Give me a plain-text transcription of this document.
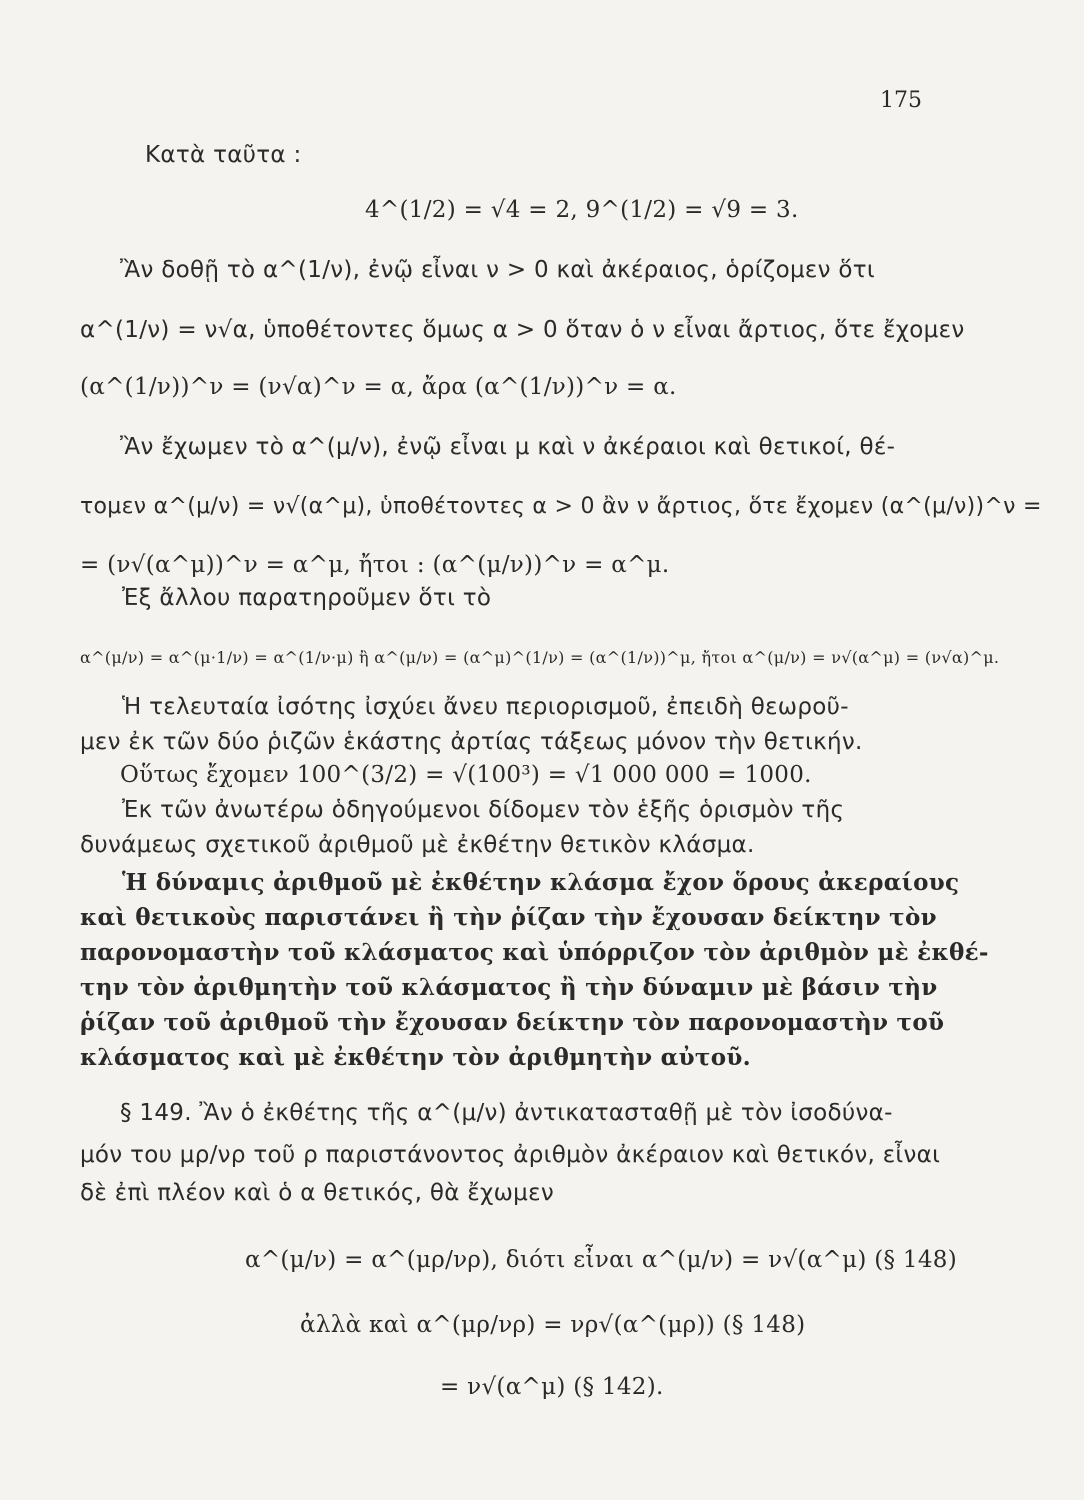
175
Κατὰ ταῦτα :
4^(1/2) = √4 = 2, 9^(1/2) = √9 = 3.
Ἂν δοθῇ τὸ α^(1/ν), ἐνῷ εἶναι ν > 0 καὶ ἀκέραιος, ὁρίζομεν ὅτι
α^(1/ν) = ν√α, ὑποθέτοντες ὅμως α > 0 ὅταν ὁ ν εἶναι ἄρτιος, ὅτε ἔχομεν
(α^(1/ν))^ν = (ν√α)^ν = α, ἄρα (α^(1/ν))^ν = α.
Ἂν ἔχωμεν τὸ α^(μ/ν), ἐνῷ εἶναι μ καὶ ν ἀκέραιοι καὶ θετικοί, θέ-
τομεν α^(μ/ν) = ν√(α^μ), ὑποθέτοντες α > 0 ἂν ν ἄρτιος, ὅτε ἔχομεν (α^(μ/ν))^ν =
= (ν√(α^μ))^ν = α^μ, ἤτοι : (α^(μ/ν))^ν = α^μ.
Ἐξ ἄλλου παρατηροῦμεν ὅτι τὸ
α^(μ/ν) = α^(μ·1/ν) = α^(1/ν·μ) ἢ α^(μ/ν) = (α^μ)^(1/ν) = (α^(1/ν))^μ, ἤτοι α^(μ/ν) = ν√(α^μ) = (ν√α)^μ.
Ἡ τελευταία ἰσότης ἰσχύει ἄνευ περιορισμοῦ, ἐπειδὴ θεωροῦ-
μεν ἐκ τῶν δύο ῥιζῶν ἑκάστης ἀρτίας τάξεως μόνον τὴν θετικήν.
Οὕτως ἔχομεν 100^(3/2) = √(100³) = √1 000 000 = 1000.
Ἐκ τῶν ἀνωτέρω ὁδηγούμενοι δίδομεν τὸν ἑξῆς ὁρισμὸν τῆς
δυνάμεως σχετικοῦ ἀριθμοῦ μὲ ἐκθέτην θετικὸν κλάσμα.
Ἡ δύναμις ἀριθμοῦ μὲ ἐκθέτην κλάσμα ἔχον ὅρους ἀκεραίους
καὶ θετικοὺς παριστάνει ἢ τὴν ῥίζαν τὴν ἔχουσαν δείκτην τὸν
παρονομαστὴν τοῦ κλάσματος καὶ ὑπόρριζον τὸν ἀριθμὸν μὲ ἐκθέ-
την τὸν ἀριθμητὴν τοῦ κλάσματος ἢ τὴν δύναμιν μὲ βάσιν τὴν
ῥίζαν τοῦ ἀριθμοῦ τὴν ἔχουσαν δείκτην τὸν παρονομαστὴν τοῦ
κλάσματος καὶ μὲ ἐκθέτην τὸν ἀριθμητὴν αὐτοῦ.
§ 149. Ἂν ὁ ἐκθέτης τῆς α^(μ/ν) ἀντικατασταθῇ μὲ τὸν ἰσοδύνα-
μόν του μρ/νρ τοῦ ρ παριστάνοντος ἀριθμὸν ἀκέραιον καὶ θετικόν, εἶναι
δὲ ἐπὶ πλέον καὶ ὁ α θετικός, θὰ ἔχωμεν
α^(μ/ν) = α^(μρ/νρ), διότι εἶναι α^(μ/ν) = ν√(α^μ) (§ 148)
ἀλλὰ καὶ α^(μρ/νρ) = νρ√(α^(μρ)) (§ 148)
= ν√(α^μ) (§ 142).
